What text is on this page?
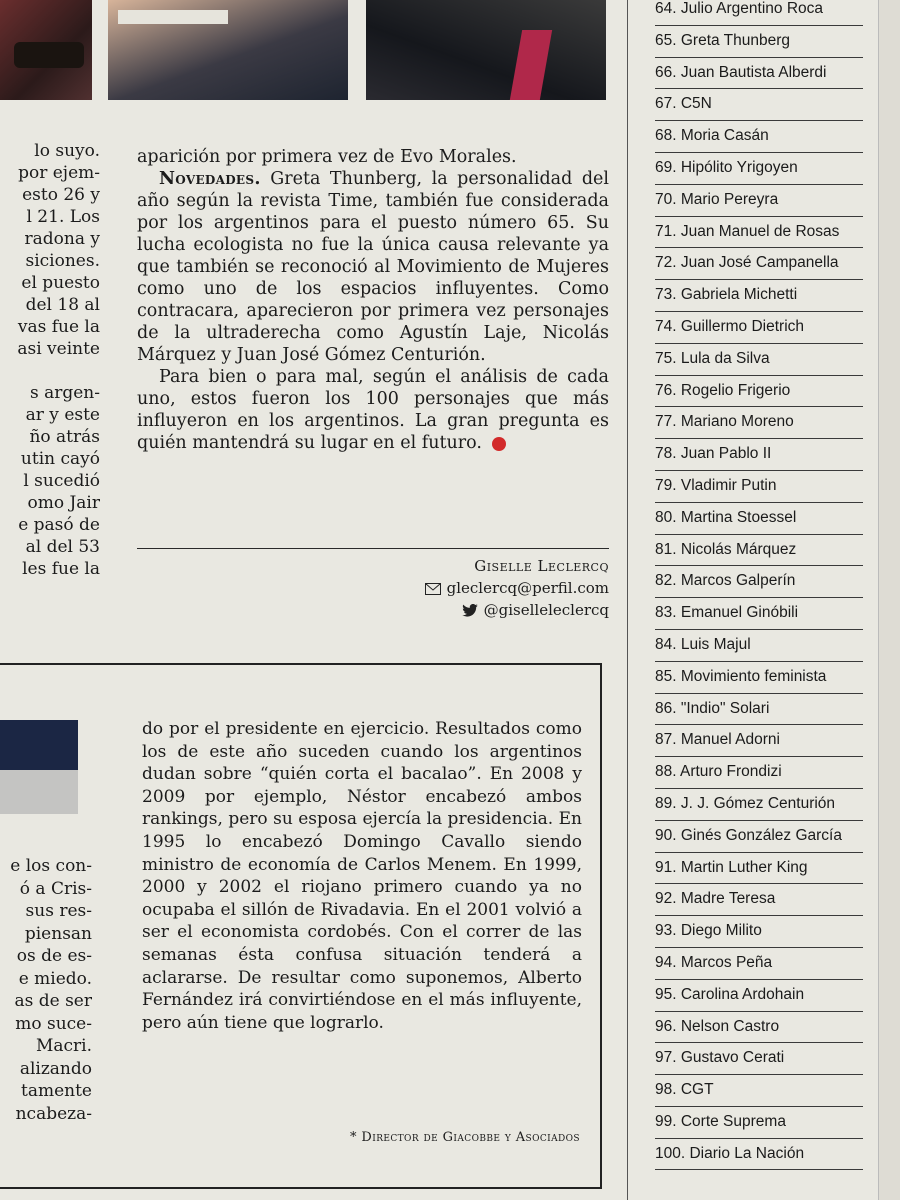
lo suyo.
por ejem-
esto 26 y
l 21. Los
radona y
siciones.
el puesto
del 18 al
vas fue la
asi veinte

s argen-
ar y este
ño atrás
utin cayó
l sucedió
omo Jair
e pasó de
al del 53
les fue la

aparición por primera vez de Evo Morales.

Novedades. Greta Thunberg, la personalidad del año según la revista Time, también fue considerada por los argentinos para el puesto número 65. Su lucha ecologista no fue la única causa relevante ya que también se reconoció al Movimiento de Mujeres como uno de los espacios influyentes. Como contracara, aparecieron por primera vez personajes de la ultraderecha como Agustín Laje, Nicolás Márquez y Juan José Gómez Centurión.

Para bien o para mal, según el análisis de cada uno, estos fueron los 100 personajes que más influyeron en los argentinos. La gran pregunta es quién mantendrá su lugar en el futuro.

Giselle Leclercq
gleclercq@perfil.com
@giselleleclercq
e los con-
ó a Cris-
sus res-
piensan
os de es-
e miedo.
as de ser
mo suce-
Macri.
alizando
tamente
ncabeza-

do por el presidente en ejercicio. Resultados como los de este año suceden cuando los argentinos dudan sobre “quién corta el bacalao”. En 2008 y 2009 por ejemplo, Néstor encabezó ambos rankings, pero su esposa ejercía la presidencia. En 1995 lo encabezó Domingo Cavallo siendo ministro de economía de Carlos Menem. En 1999, 2000 y 2002 el riojano primero cuando ya no ocupaba el sillón de Rivadavia. En el 2001 volvió a ser el economista cordobés. Con el correr de las semanas ésta confusa situación tenderá a aclararse. De resultar como suponemos, Alberto Fernández irá convirtiéndose en el más influyente, pero aún tiene que lograrlo.

* Director de Giacobbe y Asociados
64. Julio Argentino Roca
65. Greta Thunberg
66. Juan Bautista Alberdi
67. C5N
68. Moria Casán
69. Hipólito Yrigoyen
70. Mario Pereyra
71. Juan Manuel de Rosas
72. Juan José Campanella
73. Gabriela Michetti
74. Guillermo Dietrich
75. Lula da Silva
76. Rogelio Frigerio
77. Mariano Moreno
78. Juan Pablo II
79. Vladimir Putin
80. Martina Stoessel
81. Nicolás Márquez
82. Marcos Galperín
83. Emanuel Ginóbili
84. Luis Majul
85. Movimiento feminista
86. "Indio" Solari
87. Manuel Adorni
88. Arturo Frondizi
89. J. J. Gómez Centurión
90. Ginés González García
91. Martin Luther King
92. Madre Teresa
93. Diego Milito
94. Marcos Peña
95. Carolina Ardohain
96. Nelson Castro
97. Gustavo Cerati
98. CGT
99. Corte Suprema
100. Diario La Nación
